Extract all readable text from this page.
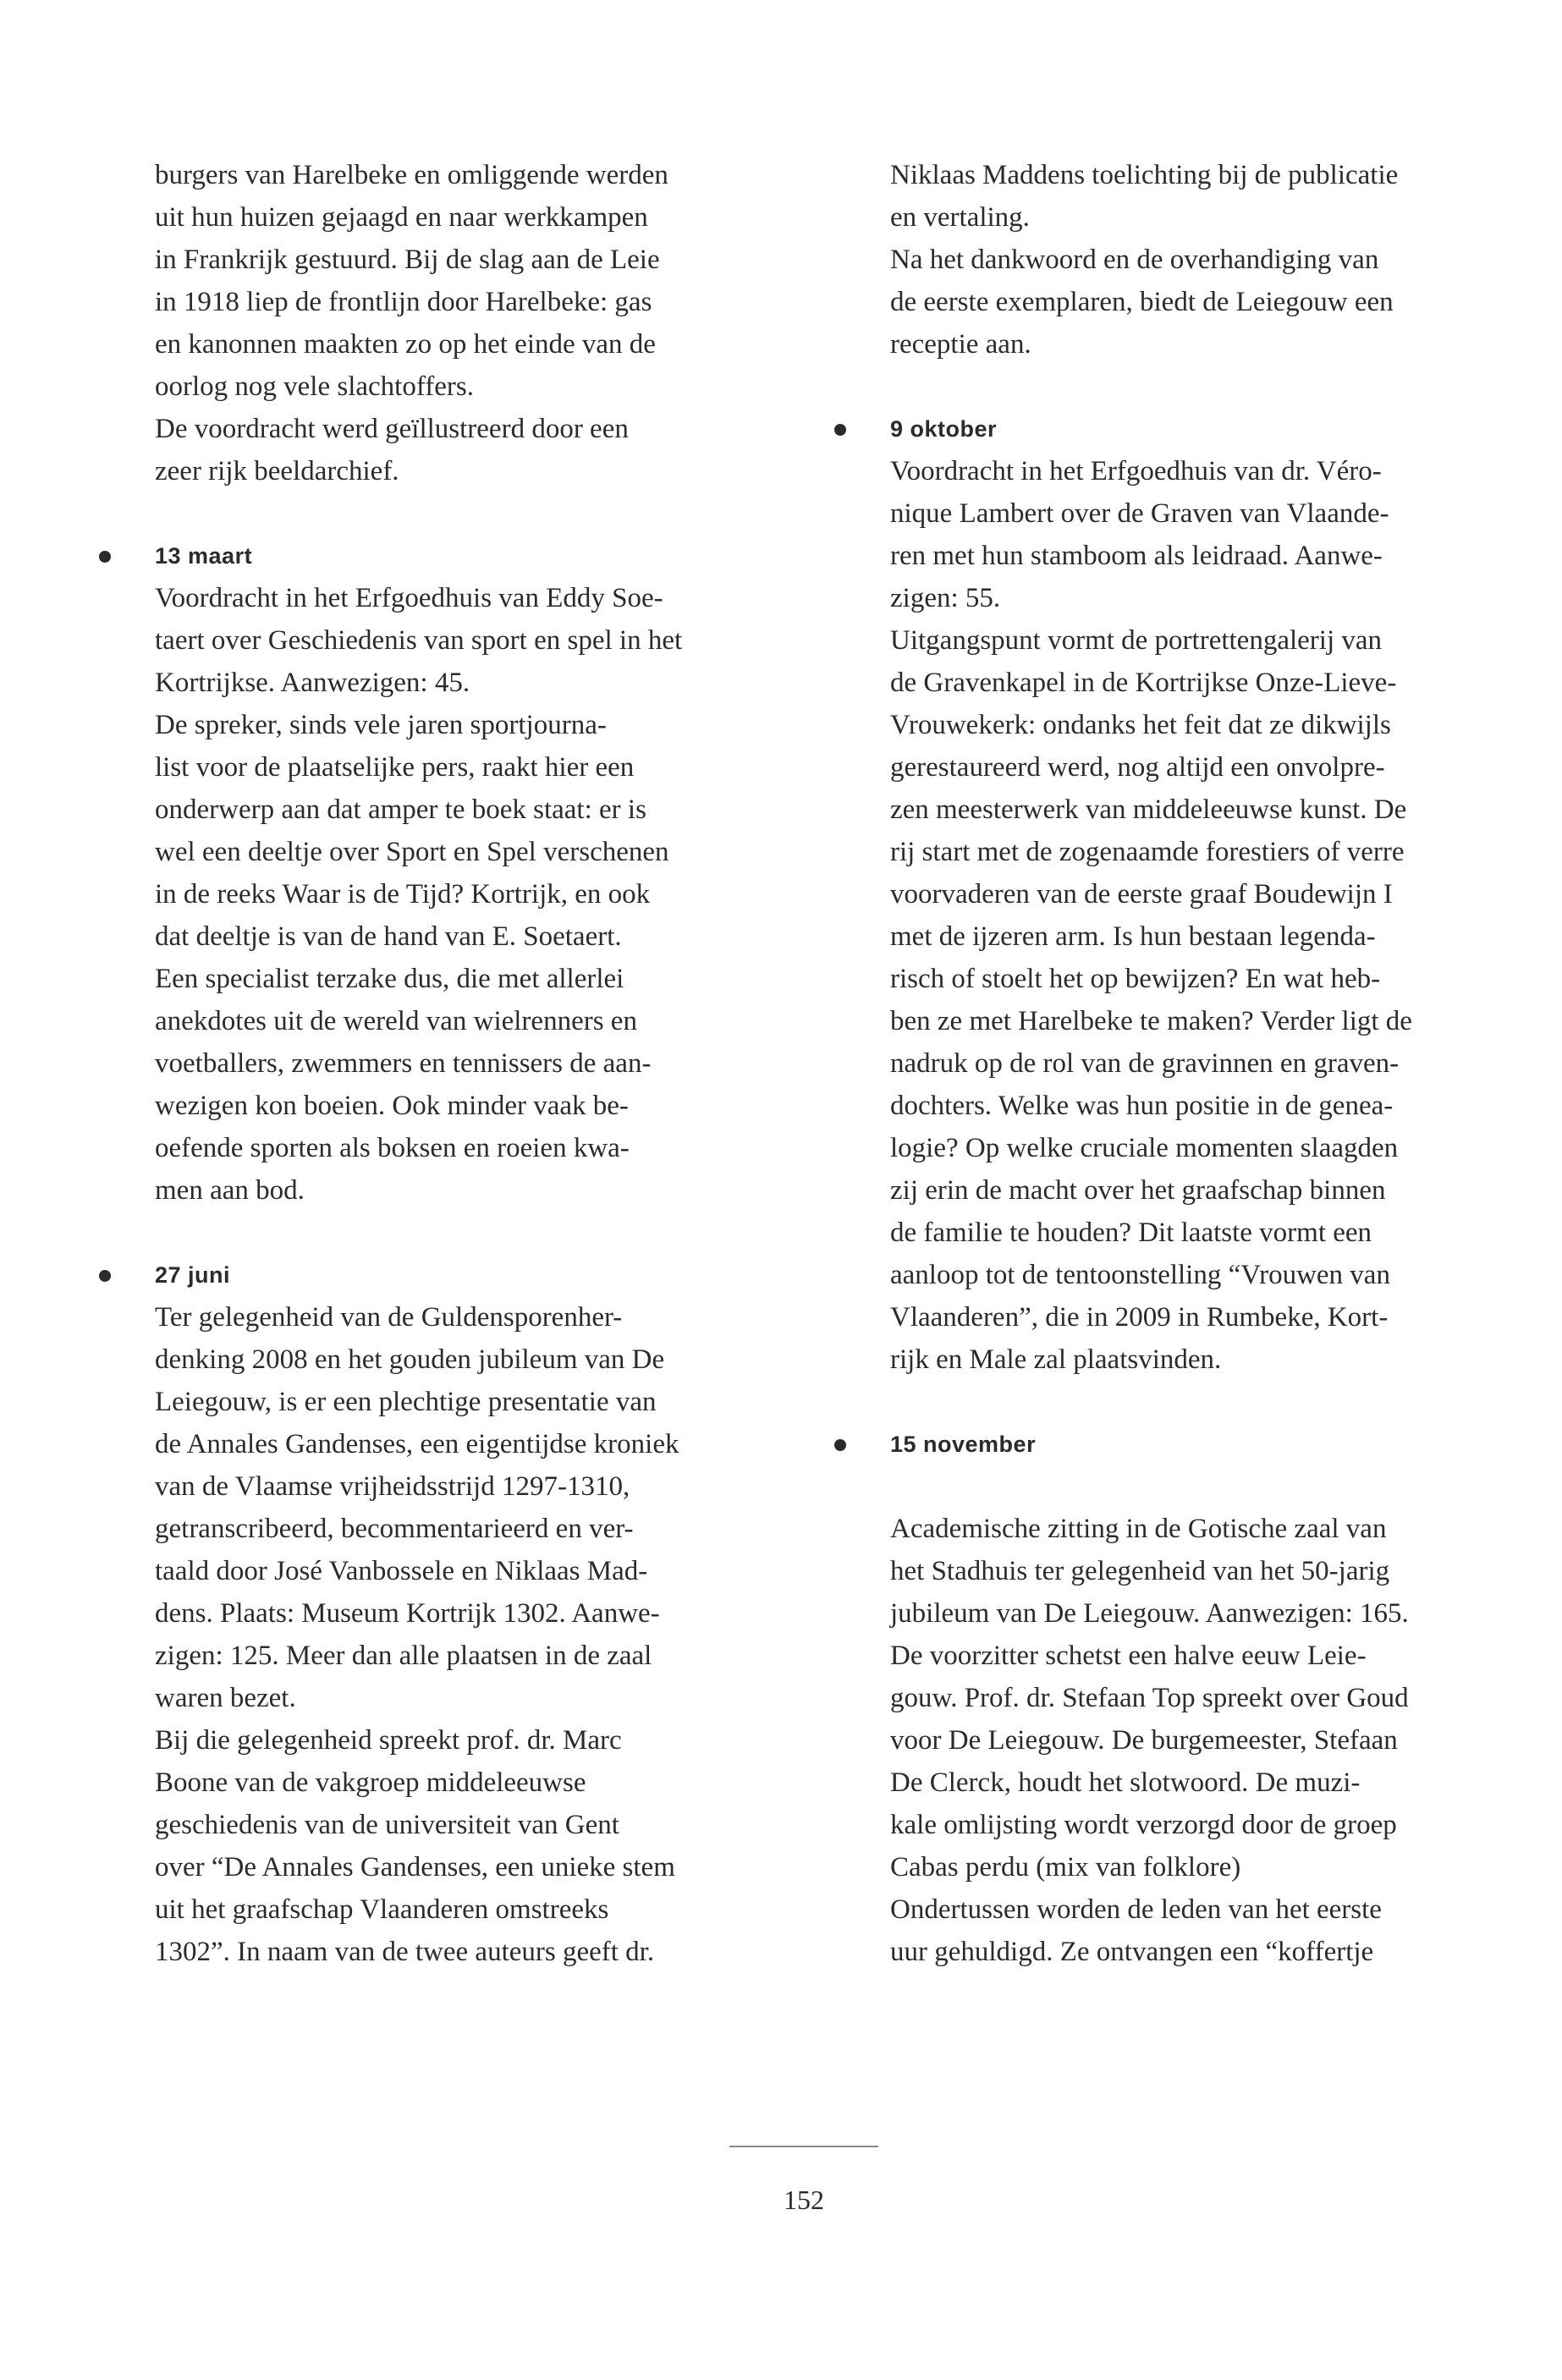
burgers van Harelbeke en omliggende werden
uit hun huizen gejaagd en naar werkkampen
in Frankrijk gestuurd. Bij de slag aan de Leie
in 1918 liep de frontlijn door Harelbeke: gas
en kanonnen maakten zo op het einde van de
oorlog nog vele slachtoffers.
De voordracht werd geïllustreerd door een
zeer rijk beeldarchief.
13 maart
Voordracht in het Erfgoedhuis van Eddy Soe-
taert over Geschiedenis van sport en spel in het
Kortrijkse. Aanwezigen: 45.
De spreker, sinds vele jaren sportjourna-
list voor de plaatselijke pers, raakt hier een
onderwerp aan dat amper te boek staat: er is
wel een deeltje over Sport en Spel verschenen
in de reeks Waar is de Tijd? Kortrijk, en ook
dat deeltje is van de hand van E. Soetaert.
Een specialist terzake dus, die met allerlei
anekdotes uit de wereld van wielrenners en
voetballers, zwemmers en tennissers de aan-
wezigen kon boeien. Ook minder vaak be-
oefende sporten als boksen en roeien kwa-
men aan bod.
27 juni
Ter gelegenheid van de Guldensporenher-
denking 2008 en het gouden jubileum van De
Leiegouw, is er een plechtige presentatie van
de Annales Gandenses, een eigentijdse kroniek
van de Vlaamse vrijheidsstrijd 1297-1310,
getranscribeerd, becommentarieerd en ver-
taald door José Vanbossele en Niklaas Mad-
dens. Plaats: Museum Kortrijk 1302. Aanwe-
zigen: 125. Meer dan alle plaatsen in de zaal
waren bezet.
Bij die gelegenheid spreekt prof. dr. Marc
Boone van de vakgroep middeleeuwse
geschiedenis van de universiteit van Gent
over “De Annales Gandenses, een unieke stem
uit het graafschap Vlaanderen omstreeks
1302”. In naam van de twee auteurs geeft dr.
Niklaas Maddens toelichting bij de publicatie
en vertaling.
Na het dankwoord en de overhandiging van
de eerste exemplaren, biedt de Leiegouw een
receptie aan.
9 oktober
Voordracht in het Erfgoedhuis van dr. Véro-
nique Lambert over de Graven van Vlaande-
ren met hun stamboom als leidraad. Aanwe-
zigen: 55.
Uitgangspunt vormt de portrettengalerij van
de Gravenkapel in de Kortrijkse Onze-Lieve-
Vrouwekerk: ondanks het feit dat ze dikwijls
gerestaureerd werd, nog altijd een onvolpre-
zen meesterwerk van middeleeuwse kunst. De
rij start met de zogenaamde forestiers of verre
voorvaderen van de eerste graaf Boudewijn I
met de ijzeren arm. Is hun bestaan legenda-
risch of stoelt het op bewijzen? En wat heb-
ben ze met Harelbeke te maken? Verder ligt de
nadruk op de rol van de gravinnen en graven-
dochters. Welke was hun positie in de genea-
logie? Op welke cruciale momenten slaagden
zij erin de macht over het graafschap binnen
de familie te houden? Dit laatste vormt een
aanloop tot de tentoonstelling “Vrouwen van
Vlaanderen”, die in 2009 in Rumbeke, Kort-
rijk en Male zal plaatsvinden.
15 november
Academische zitting in de Gotische zaal van
het Stadhuis ter gelegenheid van het 50-jarig
jubileum van De Leiegouw. Aanwezigen: 165.
De voorzitter schetst een halve eeuw Leie-
gouw. Prof. dr. Stefaan Top spreekt over Goud
voor De Leiegouw. De burgemeester, Stefaan
De Clerck, houdt het slotwoord. De muzi-
kale omlijsting wordt verzorgd door de groep
Cabas perdu (mix van folklore)
Ondertussen worden de leden van het eerste
uur gehuldigd. Ze ontvangen een “koffertje
152
